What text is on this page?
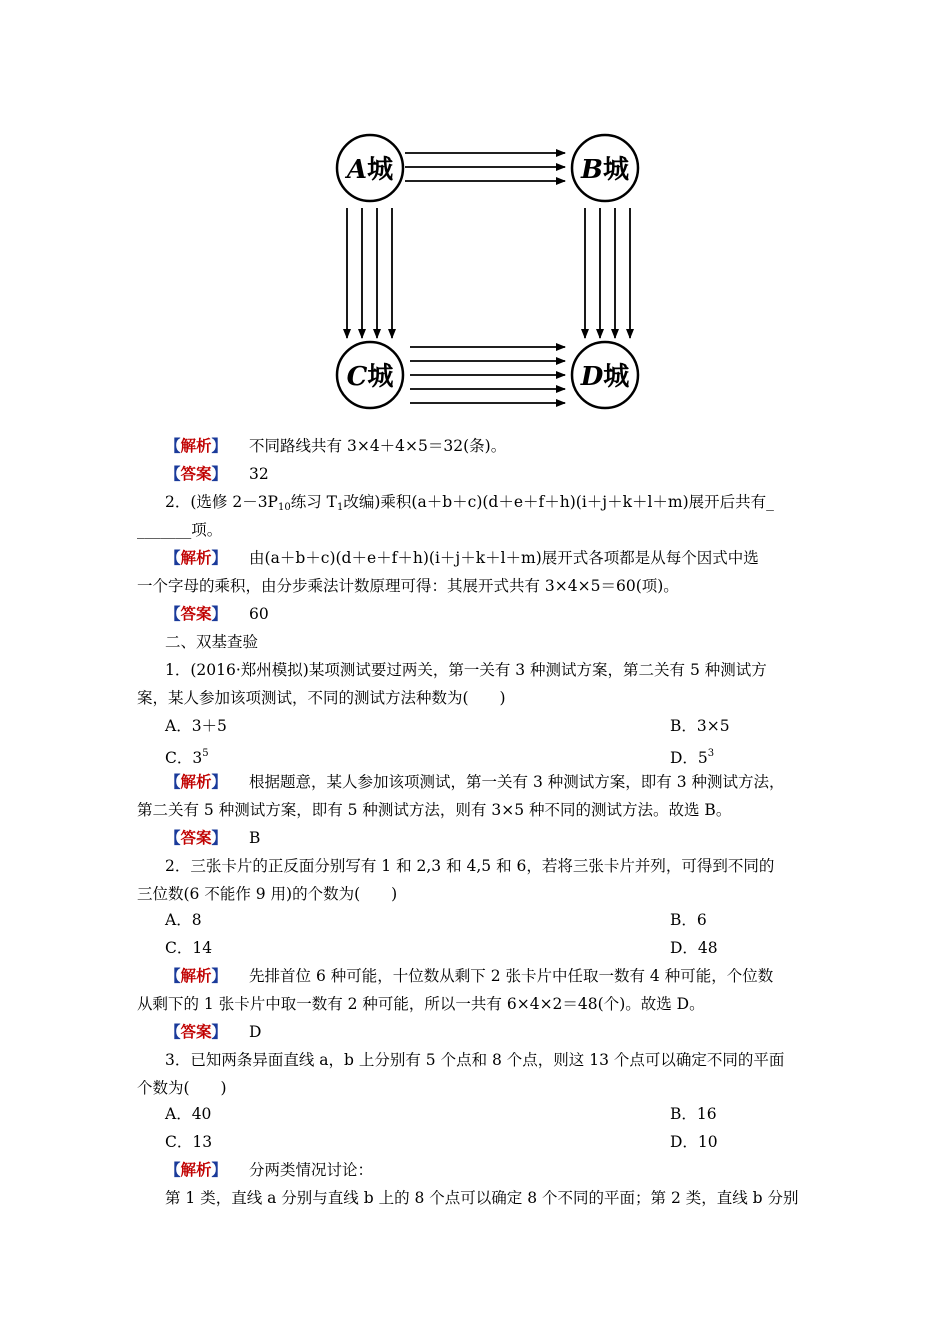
A城	B城
C城	D城
【解析】 不同路线共有 3×4＋4×5＝32(条)。
【答案】 32
2．(选修 $2-3P_{10}$练习 $T_1$改编)乘积(a＋b＋c)(d＋e＋f＋h)(i＋j＋k＋l＋m)展开后共有_
_______项。
【解析】 由(a＋b＋c)(d＋e＋f＋h)(i＋j＋k＋l＋m)展开式各项都是从每个因式中选
一个字母的乘积，由分步乘法计数原理可得：其展开式共有 3×4×5＝60(项)。
【答案】 60
二、双基查验
1．(2016·郑州模拟)某项测试要过两关，第一关有 3 种测试方案，第二关有 5 种测试方
案，某人参加该项测试，不同的测试方法种数为(　　)
A．3＋5	B．3×5
C．$3^5$	D．$5^3$
【解析】 根据题意，某人参加该项测试，第一关有 3 种测试方案，即有 3 种测试方法，
第二关有 5 种测试方案，即有 5 种测试方法，则有 3×5 种不同的测试方法。故选 B。
【答案】 B
2．三张卡片的正反面分别写有 1 和 2,3 和 4,5 和 6，若将三张卡片并列，可得到不同的
三位数(6 不能作 9 用)的个数为(　　)
A．8	B．6
C．14	D．48
【解析】 先排首位 6 种可能，十位数从剩下 2 张卡片中任取一数有 4 种可能，个位数
从剩下的 1 张卡片中取一数有 2 种可能，所以一共有 6×4×2＝48(个)。故选 D。
【答案】 D
3．已知两条异面直线 a，b 上分别有 5 个点和 8 个点，则这 13 个点可以确定不同的平面
个数为(　　)
A．40	B．16
C．13	D．10
【解析】 分两类情况讨论：
第 1 类，直线 a 分别与直线 b 上的 8 个点可以确定 8 个不同的平面；第 2 类，直线 b 分别
